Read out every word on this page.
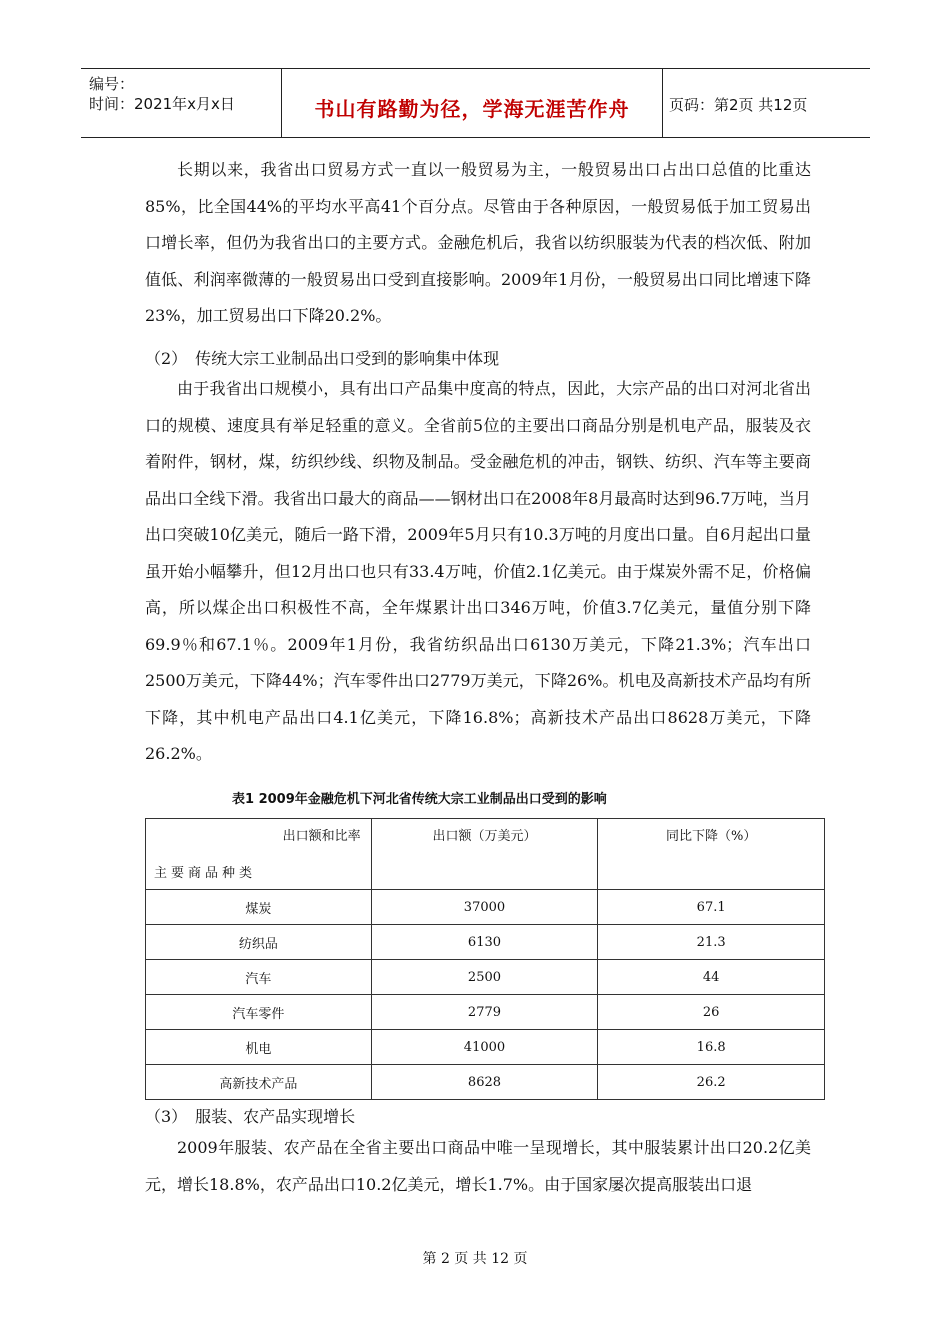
编号：
时间：2021年x月x日	书山有路勤为径，学海无涯苦作舟	页码：第2页 共12页

长期以来，我省出口贸易方式一直以一般贸易为主，一般贸易出口占出口总值的比重达85%，比全国44%的平均水平高41个百分点。尽管由于各种原因，一般贸易低于加工贸易出口增长率，但仍为我省出口的主要方式。金融危机后，我省以纺织服装为代表的档次低、附加值低、利润率微薄的一般贸易出口受到直接影响。2009年1月份，一般贸易出口同比增速下降23%，加工贸易出口下降20.2%。

（2）　传统大宗工业制品出口受到的影响集中体现

由于我省出口规模小，具有出口产品集中度高的特点，因此，大宗产品的出口对河北省出口的规模、速度具有举足轻重的意义。全省前5位的主要出口商品分别是机电产品，服装及衣着附件，钢材，煤，纺织纱线、织物及制品。受金融危机的冲击，钢铁、纺织、汽车等主要商品出口全线下滑。我省出口最大的商品——钢材出口在2008年8月最高时达到96.7万吨，当月出口突破10亿美元，随后一路下滑，2009年5月只有10.3万吨的月度出口量。自6月起出口量虽开始小幅攀升，但12月出口也只有33.4万吨，价值2.1亿美元。由于煤炭外需不足，价格偏高，所以煤企出口积极性不高，全年煤累计出口346万吨，价值3.7亿美元，量值分别下降69.9％和67.1％。2009年1月份，我省纺织品出口6130万美元，下降21.3%；汽车出口2500万美元，下降44%；汽车零件出口2779万美元，下降26%。机电及高新技术产品均有所下降，其中机电产品出口4.1亿美元，下降16.8%；高新技术产品出口8628万美元，下降26.2%。

表1 2009年金融危机下河北省传统大宗工业制品出口受到的影响
出口额和比率
主要商品种类	出口额（万美元）	同比下降（%）

煤炭	37000	67.1
纺织品	6130	21.3
汽车	2500	44
汽车零件	2779	26
机电	41000	16.8
高新技术产品	8628	26.2

（3）　服装、农产品实现增长

2009年服装、农产品在全省主要出口商品中唯一呈现增长，其中服装累计出口20.2亿美元，增长18.8%，农产品出口10.2亿美元，增长1.7%。由于国家屡次提高服装出口退

第 2 页 共 12 页
